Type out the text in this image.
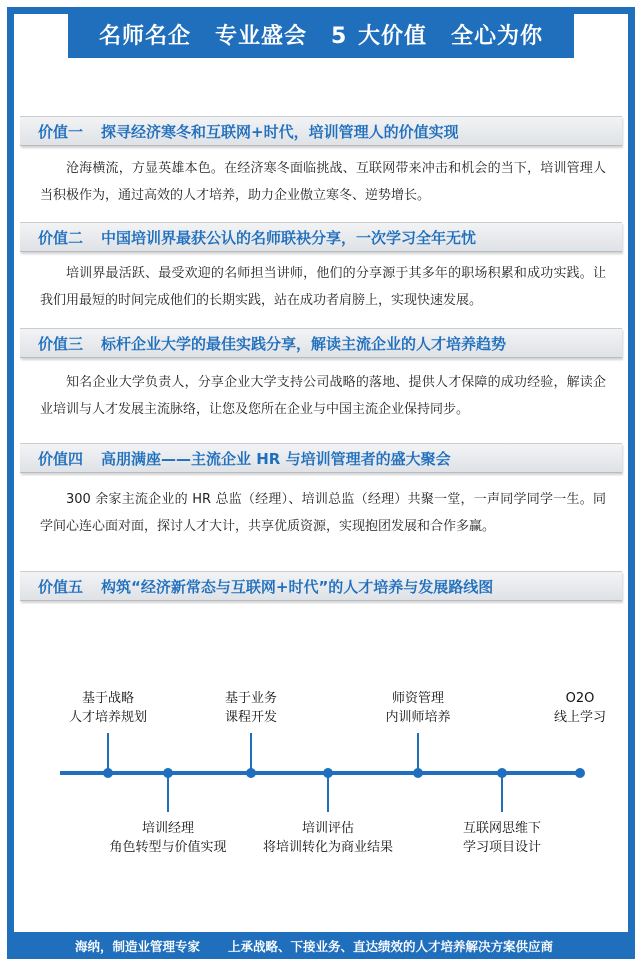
名师名企 专业盛会 5 大价值 全心为你
价值一 探寻经济寒冬和互联网+时代，培训管理人的价值实现

沧海横流，方显英雄本色。在经济寒冬面临挑战、互联网带来冲击和机会的当下，培训管理人当积极作为，通过高效的人才培养，助力企业傲立寒冬、逆势增长。

价值二 中国培训界最获公认的名师联袂分享，一次学习全年无忧

培训界最活跃、最受欢迎的名师担当讲师，他们的分享源于其多年的职场积累和成功实践。让我们用最短的时间完成他们的长期实践，站在成功者肩膀上，实现快速发展。

价值三 标杆企业大学的最佳实践分享，解读主流企业的人才培养趋势

知名企业大学负责人，分享企业大学支持公司战略的落地、提供人才保障的成功经验，解读企业培训与人才发展主流脉络，让您及您所在企业与中国主流企业保持同步。

价值四 高朋满座——主流企业 HR 与培训管理者的盛大聚会

300 余家主流企业的 HR 总监（经理）、培训总监（经理）共聚一堂，一声同学同学一生。同学间心连心面对面，探讨人才大计，共享优质资源，实现抱团发展和合作多赢。

价值五 构筑“经济新常态与互联网+时代”的人才培养与发展路线图
基于战略
人才培养规划
基于业务
课程开发
师资管理
内训师培养
O2O
线上学习
培训经理
角色转型与价值实现
培训评估
将培训转化为商业结果
互联网思维下
学习项目设计
海纳，制造业管理专家 上承战略、下接业务、直达绩效的人才培养解决方案供应商
